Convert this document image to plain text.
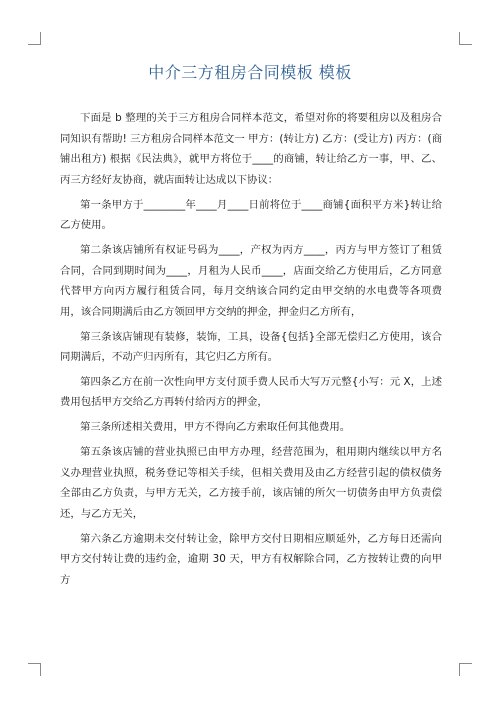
中介三方租房合同模板 模板

下面是 b 整理的关于三方租房合同样本范文，希望对你的将要租房以及租房合同知识有帮助! 三方租房合同样本范文一 甲方：(转让方) 乙方：(受让方) 丙方：(商铺出租方) 根据《民法典》，就甲方将位于____的商铺，转让给乙方一事，甲、乙、丙三方经好友协商，就店面转让达成以下协议：

第一条甲方于________年____月____日前将位于____商铺{面积平方米}转让给乙方使用。

第二条该店铺所有权证号码为____，产权为丙方____，丙方与甲方签订了租赁合同，合同到期时间为____，月租为人民币____，店面交给乙方使用后，乙方同意代替甲方向丙方履行租赁合同，每月交纳该合同约定由甲交纳的水电费等各项费用，该合同期满后由乙方领回甲方交纳的押金，押金归乙方所有，

第三条该店铺现有装修，装饰，工具，设备{包括}全部无偿归乙方使用，该合同期满后，不动产归丙所有，其它归乙方所有。

第四条乙方在前一次性向甲方支付顶手费人民币大写万元整{小写：元 X，上述费用包括甲方交给乙方再转付给丙方的押金，

第三条所述相关费用，甲方不得向乙方索取任何其他费用。

第五条该店铺的营业执照已由甲方办理，经营范围为，租用期内继续以甲方名义办理营业执照，税务登记等相关手续，但相关费用及由乙方经营引起的债权债务全部由乙方负责，与甲方无关，乙方接手前，该店铺的所欠一切债务由甲方负责偿还，与乙方无关，

第六条乙方逾期未交付转让金，除甲方交付日期相应顺延外，乙方每日还需向甲方交付转让费的违约金，逾期 30 天，甲方有权解除合同，乙方按转让费的向甲方
